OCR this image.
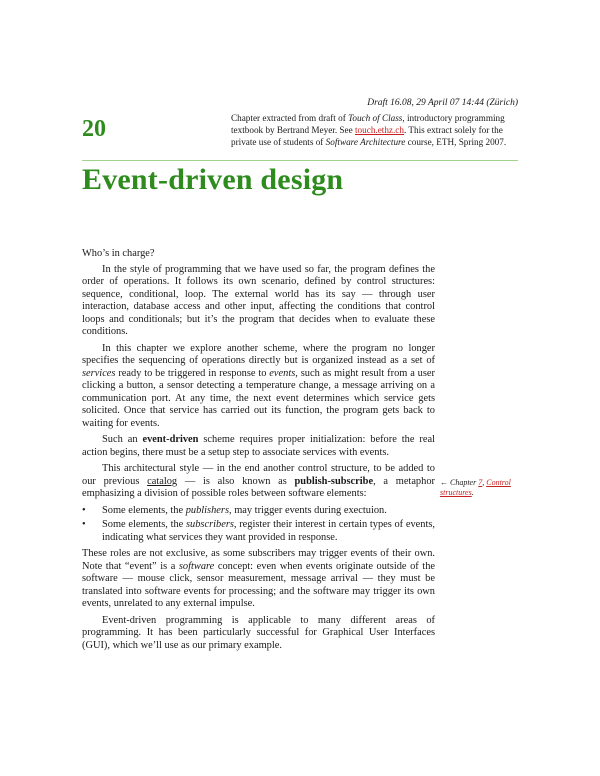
Draft 16.08, 29 April 07 14:44 (Zürich)
20	Chapter extracted from draft of Touch of Class, introductory programming textbook by Bertrand Meyer. See touch.ethz.ch. This extract solely for the private use of students of Software Architecture course, ETH, Spring 2007.
Event-driven design

Who’s in charge?

In the style of programming that we have used so far, the program defines the order of operations. It follows its own scenario, defined by control structures: sequence, conditional, loop. The external world has its say — through user interaction, database access and other input, affecting the conditions that control loops and conditionals; but it’s the program that decides when to evaluate these conditions.

In this chapter we explore another scheme, where the program no longer specifies the sequencing of operations directly but is organized instead as a set of services ready to be triggered in response to events, such as might result from a user clicking a button, a sensor detecting a temperature change, a message arriving on a communication port. At any time, the next event determines which service gets solicited. Once that service has carried out its function, the program gets back to waiting for events.

Such an event-driven scheme requires proper initialization: before the real action begins, there must be a setup step to associate services with events.

This architectural style — in the end another control structure, to be added to our previous catalog — is also known as publish-subscribe, a metaphor emphasizing a division of possible roles between software elements:

• Some elements, the publishers, may trigger events during exectuion.
• Some elements, the subscribers, register their interest in certain types of events, indicating what services they want provided in response.

These roles are not exclusive, as some subscribers may trigger events of their own. Note that “event” is a software concept: even when events originate outside of the software — mouse click, sensor measurement, message arrival — they must be translated into software events for processing; and the software may trigger its own events, unrelated to any external impulse.

Event-driven programming is applicable to many different areas of programming. It has been particularly successful for Graphical User Interfaces (GUI), which we’ll use as our primary example.

← Chapter 7, Control structures.
